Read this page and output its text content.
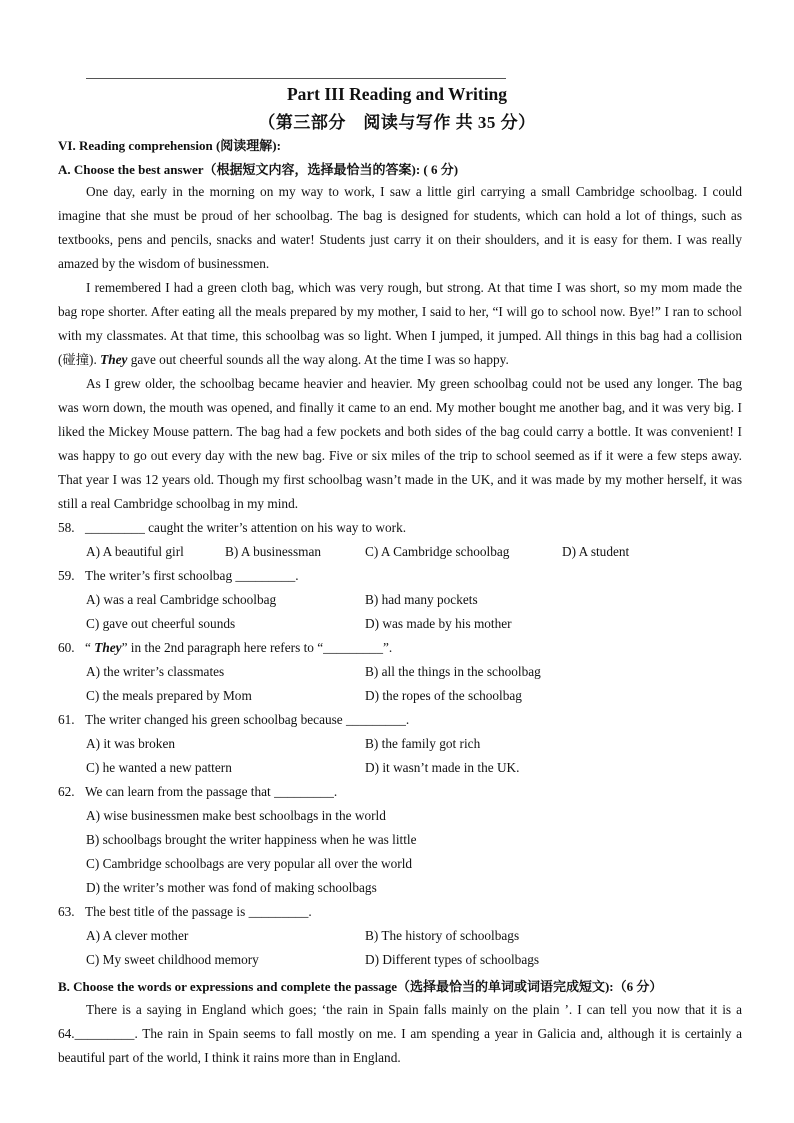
Part III Reading and Writing
（第三部分　阅读与写作 共 35 分）
VI. Reading comprehension (阅读理解):
A. Choose the best answer（根据短文内容，选择最恰当的答案): ( 6 分)

One day, early in the morning on my way to work, I saw a little girl carrying a small Cambridge schoolbag. I could imagine that she must be proud of her schoolbag. The bag is designed for students, which can hold a lot of things, such as textbooks, pens and pencils, snacks and water! Students just carry it on their shoulders, and it is easy for them. I was really amazed by the wisdom of businessmen.

I remembered I had a green cloth bag, which was very rough, but strong. At that time I was short, so my mom made the bag rope shorter. After eating all the meals prepared by my mother, I said to her, “I will go to school now. Bye!” I ran to school with my classmates. At that time, this schoolbag was so light. When I jumped, it jumped. All things in this bag had a collision (碰撞). They gave out cheerful sounds all the way along. At the time I was so happy.

As I grew older, the schoolbag became heavier and heavier. My green schoolbag could not be used any longer. The bag was worn down, the mouth was opened, and finally it came to an end. My mother bought me another bag, and it was very big. I liked the Mickey Mouse pattern. The bag had a few pockets and both sides of the bag could carry a bottle. It was convenient! I was happy to go out every day with the new bag. Five or six miles of the trip to school seemed as if it were a few steps away. That year I was 12 years old. Though my first schoolbag wasn’t made in the UK, and it was made by my mother herself, it was still a real Cambridge schoolbag in my mind.

58. _________ caught the writer’s attention on his way to work.
A) A beautiful girl	B) A businessman	C) A Cambridge schoolbag	D) A student
59. The writer’s first schoolbag _________.
A) was a real Cambridge schoolbag	B) had many pockets
C) gave out cheerful sounds	D) was made by his mother
60. “ They” in the 2nd paragraph here refers to “_________”.
A) the writer’s classmates	B) all the things in the schoolbag
C) the meals prepared by Mom	D) the ropes of the schoolbag
61. The writer changed his green schoolbag because _________.
A) it was broken	B) the family got rich
C) he wanted a new pattern	D) it wasn’t made in the UK.
62. We can learn from the passage that _________.
A) wise businessmen make best schoolbags in the world
B) schoolbags brought the writer happiness when he was little
C) Cambridge schoolbags are very popular all over the world
D) the writer’s mother was fond of making schoolbags
63. The best title of the passage is _________.
A) A clever mother	B) The history of schoolbags
C) My sweet childhood memory	D) Different types of schoolbags
B. Choose the words or expressions and complete the passage（选择最恰当的单词或词语完成短文):（6 分）

There is a saying in England which goes; ‘the rain in Spain falls mainly on the plain ’. I can tell you now that it is a 64._________. The rain in Spain seems to fall mostly on me. I am spending a year in Galicia and, although it is certainly a beautiful part of the world, I think it rains more than in England.
